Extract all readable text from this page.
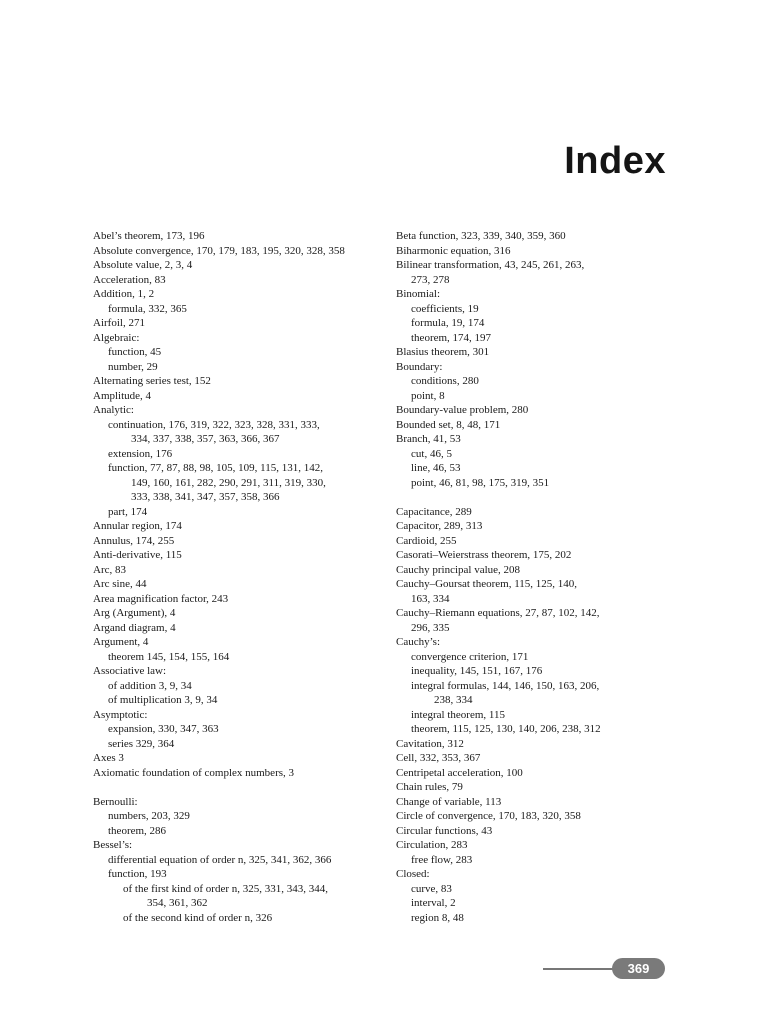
Index
Abel’s theorem, 173, 196
Absolute convergence, 170, 179, 183, 195, 320, 328, 358
Absolute value, 2, 3, 4
Acceleration, 83
Addition, 1, 2
formula, 332, 365
Airfoil, 271
Algebraic:
function, 45
number, 29
Alternating series test, 152
Amplitude, 4
Analytic:
continuation, 176, 319, 322, 323, 328, 331, 333,
334, 337, 338, 357, 363, 366, 367
extension, 176
function, 77, 87, 88, 98, 105, 109, 115, 131, 142,
149, 160, 161, 282, 290, 291, 311, 319, 330,
333, 338, 341, 347, 357, 358, 366
part, 174
Annular region, 174
Annulus, 174, 255
Anti-derivative, 115
Arc, 83
Arc sine, 44
Area magnification factor, 243
Arg (Argument), 4
Argand diagram, 4
Argument, 4
theorem 145, 154, 155, 164
Associative law:
of addition 3, 9, 34
of multiplication 3, 9, 34
Asymptotic:
expansion, 330, 347, 363
series 329, 364
Axes 3
Axiomatic foundation of complex numbers, 3
Bernoulli:
numbers, 203, 329
theorem, 286
Bessel’s:
differential equation of order n, 325, 341, 362, 366
function, 193
of the first kind of order n, 325, 331, 343, 344,
354, 361, 362
of the second kind of order n, 326
Beta function, 323, 339, 340, 359, 360
Biharmonic equation, 316
Bilinear transformation, 43, 245, 261, 263,
273, 278
Binomial:
coefficients, 19
formula, 19, 174
theorem, 174, 197
Blasius theorem, 301
Boundary:
conditions, 280
point, 8
Boundary-value problem, 280
Bounded set, 8, 48, 171
Branch, 41, 53
cut, 46, 5
line, 46, 53
point, 46, 81, 98, 175, 319, 351
Capacitance, 289
Capacitor, 289, 313
Cardioid, 255
Casorati–Weierstrass theorem, 175, 202
Cauchy principal value, 208
Cauchy–Goursat theorem, 115, 125, 140,
163, 334
Cauchy–Riemann equations, 27, 87, 102, 142,
296, 335
Cauchy’s:
convergence criterion, 171
inequality, 145, 151, 167, 176
integral formulas, 144, 146, 150, 163, 206,
238, 334
integral theorem, 115
theorem, 115, 125, 130, 140, 206, 238, 312
Cavitation, 312
Cell, 332, 353, 367
Centripetal acceleration, 100
Chain rules, 79
Change of variable, 113
Circle of convergence, 170, 183, 320, 358
Circular functions, 43
Circulation, 283
free flow, 283
Closed:
curve, 83
interval, 2
region 8, 48
369
